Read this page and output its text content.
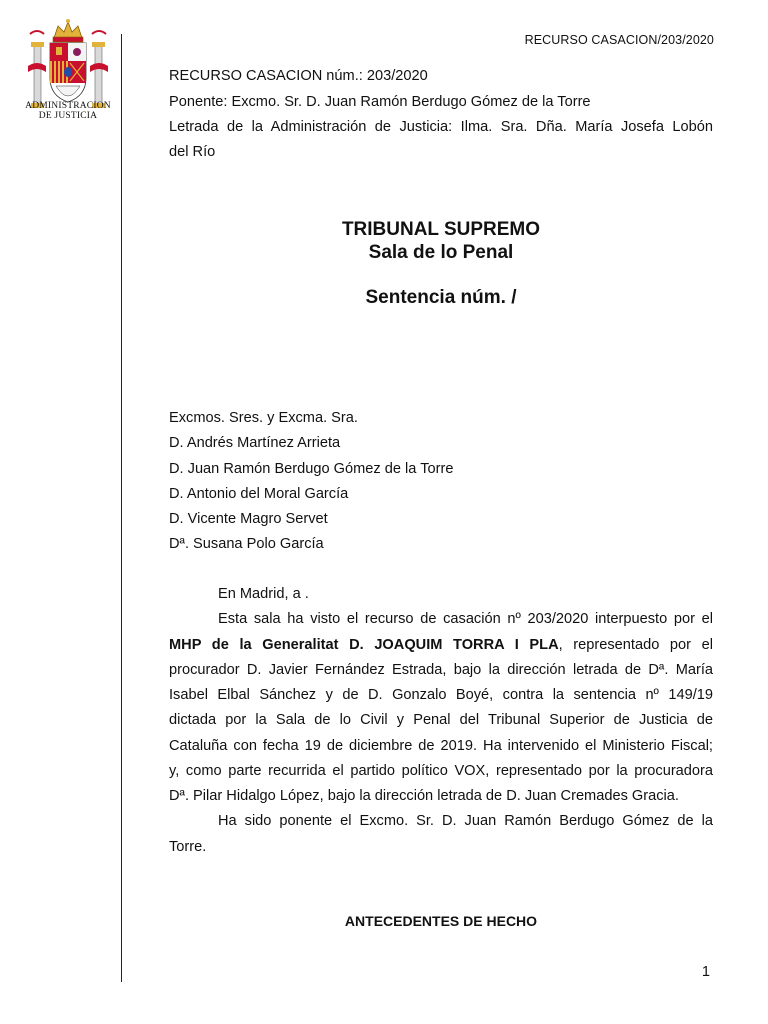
ADMINISTRACION
DE JUSTICIA
RECURSO CASACION/203/2020
RECURSO CASACION núm.: 203/2020
Ponente: Excmo. Sr. D. Juan Ramón Berdugo Gómez de la Torre
Letrada de la Administración de Justicia: Ilma. Sra. Dña. María Josefa Lobón
del Río
TRIBUNAL SUPREMO
Sala de lo Penal
Sentencia núm. /
Excmos. Sres. y Excma. Sra.
D. Andrés Martínez Arrieta
D. Juan Ramón Berdugo Gómez de la Torre
D. Antonio del Moral García
D. Vicente Magro Servet
Dª. Susana Polo García
En Madrid, a .
Esta sala ha visto el recurso de casación nº 203/2020 interpuesto por el
MHP de la Generalitat D. JOAQUIM TORRA I PLA, representado por el
procurador D. Javier Fernández Estrada, bajo la dirección letrada de Dª. María
Isabel Elbal Sánchez y de D. Gonzalo Boyé, contra la sentencia nº 149/19
dictada por la Sala de lo Civil y Penal del Tribunal Superior de Justicia de
Cataluña con fecha 19 de diciembre de 2019. Ha intervenido el Ministerio Fiscal;
y, como parte recurrida el partido político VOX, representado por la procuradora
Dª. Pilar Hidalgo López, bajo la dirección letrada de D. Juan Cremades Gracia.
Ha sido ponente el Excmo. Sr. D. Juan Ramón Berdugo Gómez de la
Torre.
ANTECEDENTES DE HECHO
1
